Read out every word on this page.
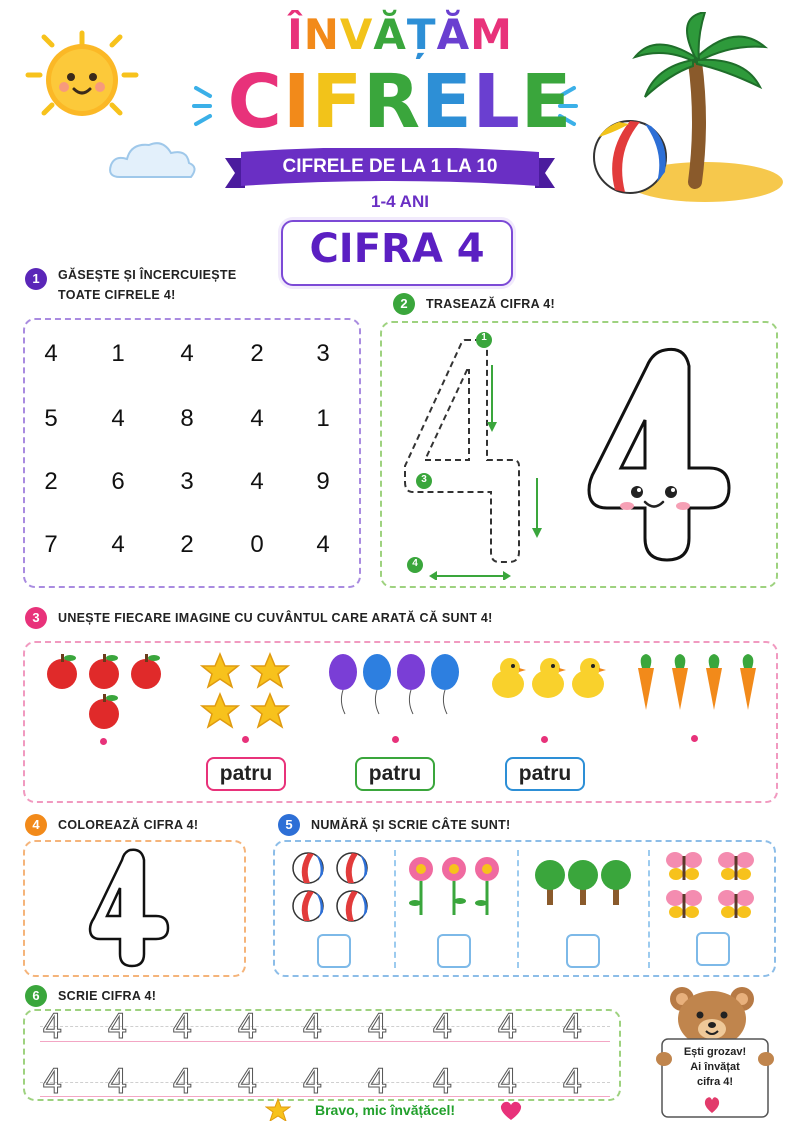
ÎNVĂȚĂM
CIFRELE
CIFRELE DE LA 1 LA 10
1-4 ANI
CIFRA 4
1	GĂSEȘTE ȘI ÎNCERCUIEȘTE
TOATE CIFRELE 4!
2	TRASEAZĂ CIFRA 4!
1
3
4
3	UNEȘTE FIECARE IMAGINE CU CUVÂNTUL CARE ARATĂ CĂ SUNT 4!
patru	patru	patru
4	COLOREAZĂ CIFRA 4!	5	NUMĂRĂ ȘI SCRIE CÂTE SUNT!
6	SCRIE CIFRA 4!
Ești grozav!
Ai învățat
cifra 4!
Bravo, mic învățăcel!
4	1	4	2	3
5	4	8	4	1
2	6	3	4	9
7	4	2	0	4
4 4 4 4 4 4 4 4 4
4 4 4 4 4 4 4 4 4
